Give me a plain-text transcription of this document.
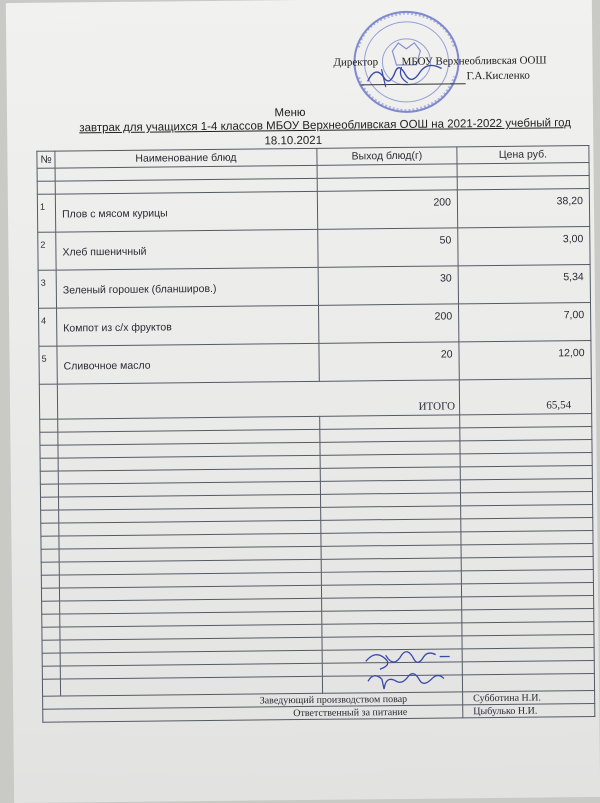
Директор МБОУ Верхнеобливская ООШ
Г.А.Кисленко
Меню
завтрак для учащихся 1-4 классов МБОУ Верхнеобливская ООШ на 2021-2022 учебный год
18.10.2021
№	Наименование блюд	Выход блюд(г)	Цена руб.

1	Плов с мясом курицы	200	38,20
2	Хлеб пшеничный	50	3,00
3	Зеленый горошек (бланширов.)	30	5,34
4	Компот из с/х фруктов	200	7,00
5	Сливочное масло	20	12,00
	ИТОГО		65,54

Заведующий производством повар			Субботина Н.И.
Ответственный за питание			Цыбулько Н.И.
